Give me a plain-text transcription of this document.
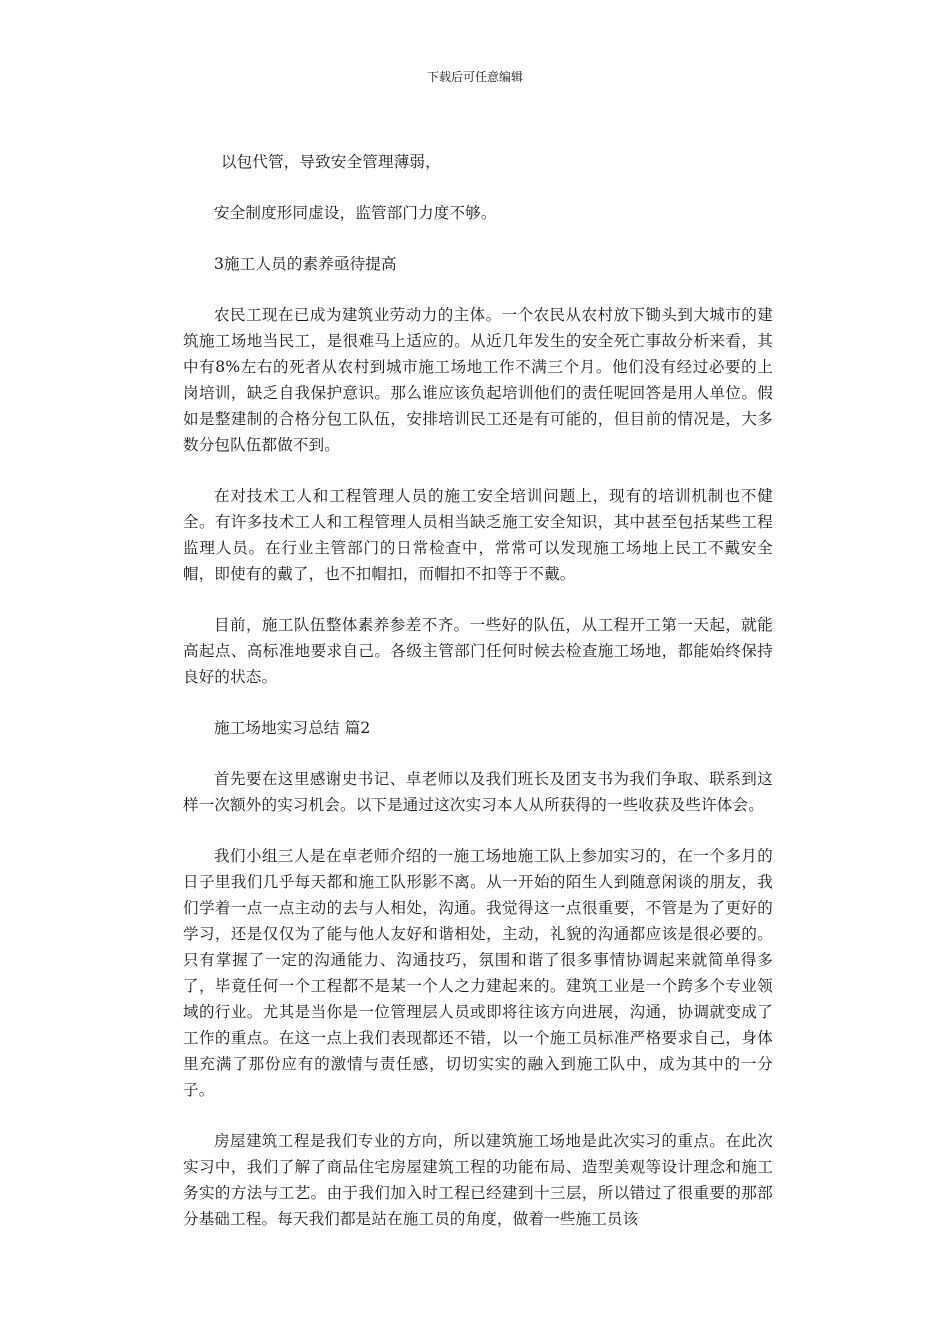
下载后可任意编辑

以包代管，导致安全管理薄弱，

安全制度形同虚设，监管部门力度不够。

3施工人员的素养亟待提高

农民工现在已成为建筑业劳动力的主体。一个农民从农村放下锄头到大城市的建筑施工场地当民工，是很难马上适应的。从近几年发生的安全死亡事故分析来看，其中有8%左右的死者从农村到城市施工场地工作不满三个月。他们没有经过必要的上岗培训，缺乏自我保护意识。那么谁应该负起培训他们的责任呢回答是用人单位。假如是整建制的合格分包工队伍，安排培训民工还是有可能的，但目前的情况是，大多数分包队伍都做不到。

在对技术工人和工程管理人员的施工安全培训问题上，现有的培训机制也不健全。有许多技术工人和工程管理人员相当缺乏施工安全知识，其中甚至包括某些工程监理人员。在行业主管部门的日常检查中，常常可以发现施工场地上民工不戴安全帽，即使有的戴了，也不扣帽扣，而帽扣不扣等于不戴。

目前，施工队伍整体素养参差不齐。一些好的队伍，从工程开工第一天起，就能高起点、高标准地要求自己。各级主管部门任何时候去检查施工场地，都能始终保持良好的状态。

施工场地实习总结 篇2

首先要在这里感谢史书记、卓老师以及我们班长及团支书为我们争取、联系到这样一次额外的实习机会。以下是通过这次实习本人从所获得的一些收获及些许体会。

我们小组三人是在卓老师介绍的一施工场地施工队上参加实习的，在一个多月的日子里我们几乎每天都和施工队形影不离。从一开始的陌生人到随意闲谈的朋友，我们学着一点一点主动的去与人相处，沟通。我觉得这一点很重要，不管是为了更好的学习，还是仅仅为了能与他人友好和谐相处，主动，礼貌的沟通都应该是很必要的。只有掌握了一定的沟通能力、沟通技巧，氛围和谐了很多事情协调起来就简单得多了，毕竟任何一个工程都不是某一个人之力建起来的。建筑工业是一个跨多个专业领域的行业。尤其是当你是一位管理层人员或即将往该方向进展，沟通，协调就变成了工作的重点。在这一点上我们表现都还不错，以一个施工员标准严格要求自己，身体里充满了那份应有的激情与责任感，切切实实的融入到施工队中，成为其中的一分子。

房屋建筑工程是我们专业的方向，所以建筑施工场地是此次实习的重点。在此次实习中，我们了解了商品住宅房屋建筑工程的功能布局、造型美观等设计理念和施工务实的方法与工艺。由于我们加入时工程已经建到十三层，所以错过了很重要的那部分基础工程。每天我们都是站在施工员的角度，做着一些施工员该
